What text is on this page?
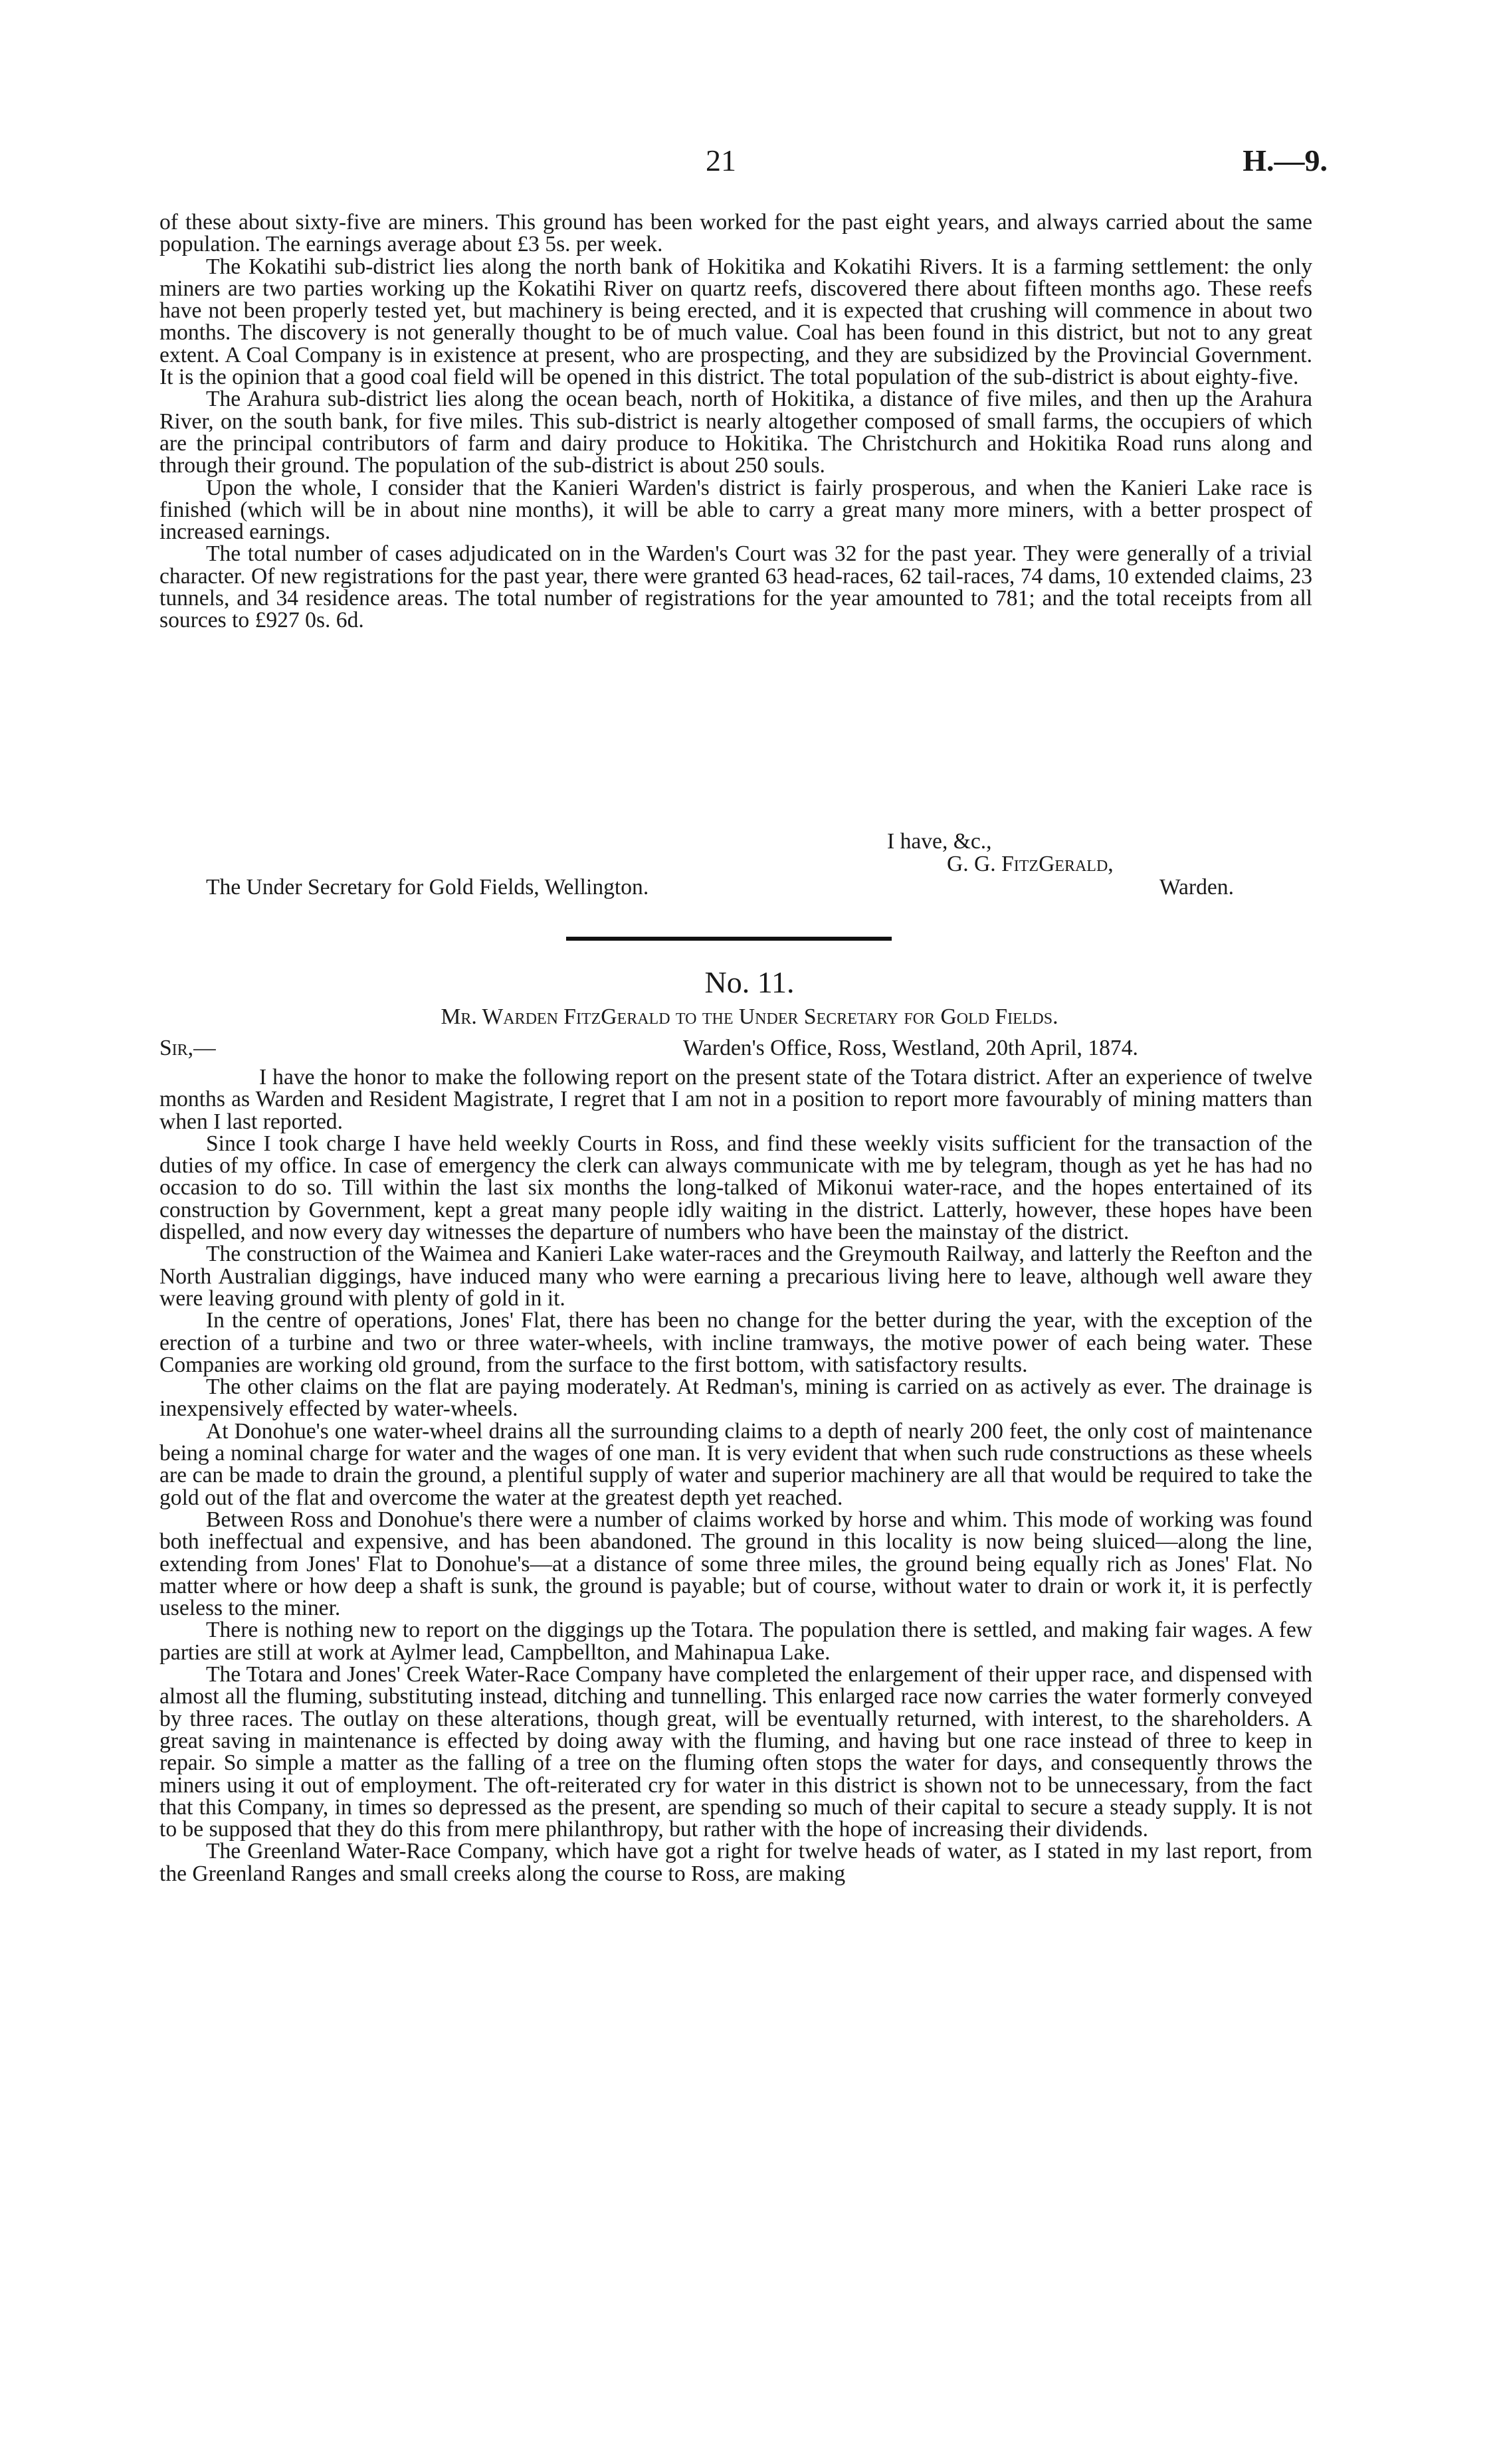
21	H.—9.

of these about sixty-five are miners. This ground has been worked for the past eight years, and always carried about the same population. The earnings average about £3 5s. per week.

The Kokatihi sub-district lies along the north bank of Hokitika and Kokatihi Rivers. It is a farming settlement: the only miners are two parties working up the Kokatihi River on quartz reefs, discovered there about fifteen months ago. These reefs have not been properly tested yet, but machinery is being erected, and it is expected that crushing will commence in about two months. The discovery is not generally thought to be of much value. Coal has been found in this district, but not to any great extent. A Coal Company is in existence at present, who are prospecting, and they are subsidized by the Provincial Government. It is the opinion that a good coal field will be opened in this district. The total population of the sub-district is about eighty-five.

The Arahura sub-district lies along the ocean beach, north of Hokitika, a distance of five miles, and then up the Arahura River, on the south bank, for five miles. This sub-district is nearly altogether composed of small farms, the occupiers of which are the principal contributors of farm and dairy produce to Hokitika. The Christchurch and Hokitika Road runs along and through their ground. The population of the sub-district is about 250 souls.

Upon the whole, I consider that the Kanieri Warden's district is fairly prosperous, and when the Kanieri Lake race is finished (which will be in about nine months), it will be able to carry a great many more miners, with a better prospect of increased earnings.

The total number of cases adjudicated on in the Warden's Court was 32 for the past year. They were generally of a trivial character. Of new registrations for the past year, there were granted 63 head-races, 62 tail-races, 74 dams, 10 extended claims, 23 tunnels, and 34 residence areas. The total number of registrations for the year amounted to 781; and the total receipts from all sources to £927 0s. 6d.

I have, &c.,
G. G. FitzGerald,
The Under Secretary for Gold Fields, Wellington.	Warden.
No. 11.
Mr. Warden FitzGerald to the Under Secretary for Gold Fields.
Sir,—	Warden's Office, Ross, Westland, 20th April, 1874.

I have the honor to make the following report on the present state of the Totara district. After an experience of twelve months as Warden and Resident Magistrate, I regret that I am not in a position to report more favourably of mining matters than when I last reported.

Since I took charge I have held weekly Courts in Ross, and find these weekly visits sufficient for the transaction of the duties of my office. In case of emergency the clerk can always communicate with me by telegram, though as yet he has had no occasion to do so. Till within the last six months the long-talked of Mikonui water-race, and the hopes entertained of its construction by Government, kept a great many people idly waiting in the district. Latterly, however, these hopes have been dispelled, and now every day witnesses the departure of numbers who have been the mainstay of the district.

The construction of the Waimea and Kanieri Lake water-races and the Greymouth Railway, and latterly the Reefton and the North Australian diggings, have induced many who were earning a precarious living here to leave, although well aware they were leaving ground with plenty of gold in it.

In the centre of operations, Jones' Flat, there has been no change for the better during the year, with the exception of the erection of a turbine and two or three water-wheels, with incline tramways, the motive power of each being water. These Companies are working old ground, from the surface to the first bottom, with satisfactory results.

The other claims on the flat are paying moderately. At Redman's, mining is carried on as actively as ever. The drainage is inexpensively effected by water-wheels.

At Donohue's one water-wheel drains all the surrounding claims to a depth of nearly 200 feet, the only cost of maintenance being a nominal charge for water and the wages of one man. It is very evident that when such rude constructions as these wheels are can be made to drain the ground, a plentiful supply of water and superior machinery are all that would be required to take the gold out of the flat and overcome the water at the greatest depth yet reached.

Between Ross and Donohue's there were a number of claims worked by horse and whim. This mode of working was found both ineffectual and expensive, and has been abandoned. The ground in this locality is now being sluiced—along the line, extending from Jones' Flat to Donohue's—at a distance of some three miles, the ground being equally rich as Jones' Flat. No matter where or how deep a shaft is sunk, the ground is payable; but of course, without water to drain or work it, it is perfectly useless to the miner.

There is nothing new to report on the diggings up the Totara. The population there is settled, and making fair wages. A few parties are still at work at Aylmer lead, Campbellton, and Mahinapua Lake.

The Totara and Jones' Creek Water-Race Company have completed the enlargement of their upper race, and dispensed with almost all the fluming, substituting instead, ditching and tunnelling. This enlarged race now carries the water formerly conveyed by three races. The outlay on these alterations, though great, will be eventually returned, with interest, to the shareholders. A great saving in maintenance is effected by doing away with the fluming, and having but one race instead of three to keep in repair. So simple a matter as the falling of a tree on the fluming often stops the water for days, and consequently throws the miners using it out of employment. The oft-reiterated cry for water in this district is shown not to be unnecessary, from the fact that this Company, in times so depressed as the present, are spending so much of their capital to secure a steady supply. It is not to be supposed that they do this from mere philanthropy, but rather with the hope of increasing their dividends.

The Greenland Water-Race Company, which have got a right for twelve heads of water, as I stated in my last report, from the Greenland Ranges and small creeks along the course to Ross, are making
